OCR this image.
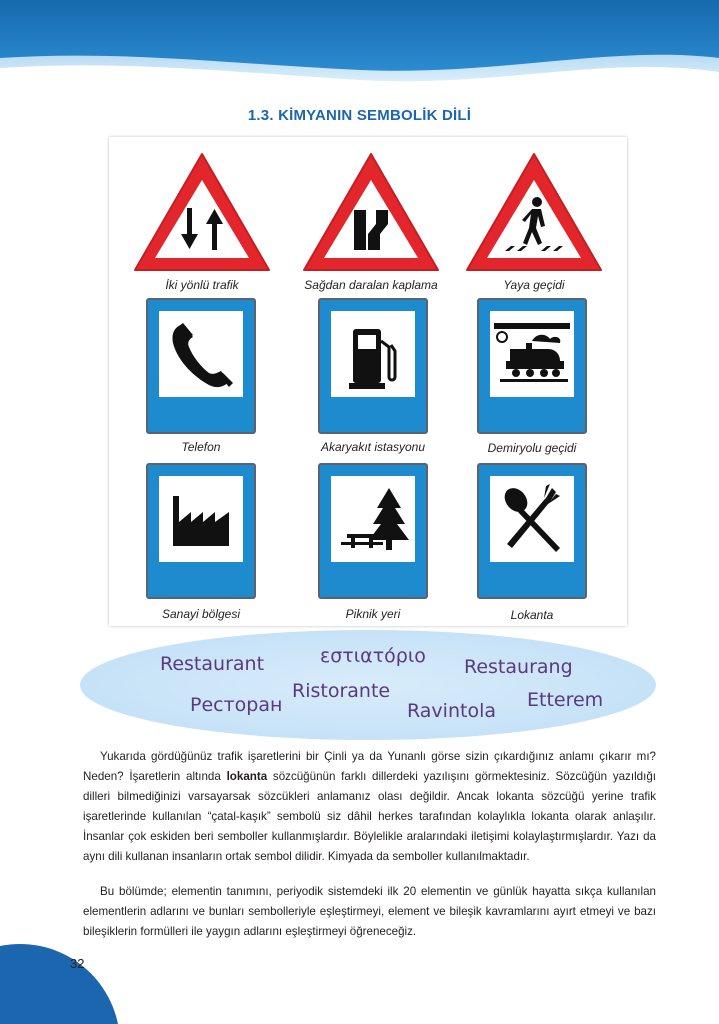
1.3. KİMYANIN SEMBOLİK DİLİ
İki yönlü trafik	Sağdan daralan kaplama	Yaya geçidi
Telefon	Akaryakıt istasyonu	Demiryolu geçidi
Sanayi bölgesi	Piknik yeri	Lokanta
Restaurant	εστιατόριο Restaurang
Ristorante
Ресторан	Ravintola Etterem

Yukarıda gördüğünüz trafik işaretlerini bir Çinli ya da Yunanlı görse sizin çıkardığınız anlamı çıkarır mı? Neden? İşaretlerin altında lokanta sözcüğünün farklı dillerdeki yazılışını görmektesiniz. Sözcüğün yazıldığı dilleri bilmediğinizi varsayarsak sözcükleri anlamanız olası değildir. Ancak lokanta sözcüğü yerine trafik işaretlerinde kullanılan “çatal-kaşık” sembolü siz dâhil herkes tarafından kolaylıkla lokanta olarak anlaşılır. İnsanlar çok eskiden beri semboller kullanmışlardır. Böylelikle aralarındaki iletişimi kolaylaştırmışlardır. Yazı da aynı dili kullanan insanların ortak sembol dilidir. Kimyada da semboller kullanılmaktadır.

Bu bölümde; elementin tanımını, periyodik sistemdeki ilk 20 elementin ve günlük hayatta sıkça kullanılan elementlerin adlarını ve bunları sembolleriyle eşleştirmeyi, element ve bileşik kavramlarını ayırt etmeyi ve bazı bileşiklerin formülleri ile yaygın adlarını eşleştirmeyi öğreneceğiz.

32
